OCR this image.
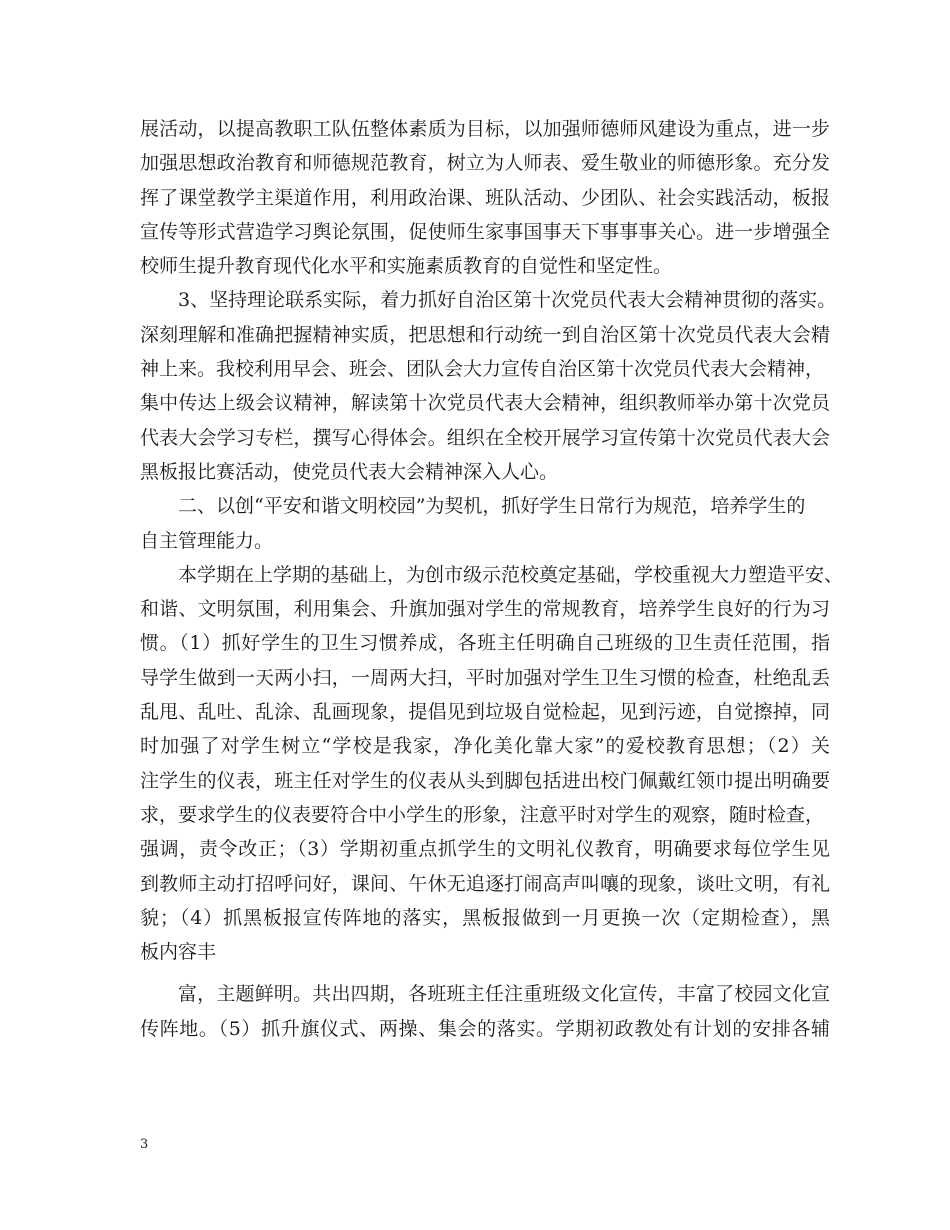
展活动，以提高教职工队伍整体素质为目标，以加强师德师风建设为重点，进一步
加强思想政治教育和师德规范教育，树立为人师表、爱生敬业的师德形象。充分发
挥了课堂教学主渠道作用，利用政治课、班队活动、少团队、社会实践活动，板报
宣传等形式营造学习舆论氛围，促使师生家事国事天下事事事关心。进一步增强全
校师生提升教育现代化水平和实施素质教育的自觉性和坚定性。
3、坚持理论联系实际，着力抓好自治区第十次党员代表大会精神贯彻的落实。
深刻理解和准确把握精神实质，把思想和行动统一到自治区第十次党员代表大会精
神上来。我校利用早会、班会、团队会大力宣传自治区第十次党员代表大会精神，
集中传达上级会议精神，解读第十次党员代表大会精神，组织教师举办第十次党员
代表大会学习专栏，撰写心得体会。组织在全校开展学习宣传第十次党员代表大会
黑板报比赛活动，使党员代表大会精神深入人心。
二、以创“平安和谐文明校园”为契机，抓好学生日常行为规范，培养学生的
自主管理能力。
本学期在上学期的基础上，为创市级示范校奠定基础，学校重视大力塑造平安、
和谐、文明氛围，利用集会、升旗加强对学生的常规教育，培养学生良好的行为习
惯。（1）抓好学生的卫生习惯养成，各班主任明确自己班级的卫生责任范围，指
导学生做到一天两小扫，一周两大扫，平时加强对学生卫生习惯的检查，杜绝乱丢
乱甩、乱吐、乱涂、乱画现象，提倡见到垃圾自觉检起，见到污迹，自觉擦掉，同
时加强了对学生树立“学校是我家，净化美化靠大家”的爱校教育思想；（2）关
注学生的仪表，班主任对学生的仪表从头到脚包括进出校门佩戴红领巾提出明确要
求，要求学生的仪表要符合中小学生的形象，注意平时对学生的观察，随时检查，
强调，责令改正；（3）学期初重点抓学生的文明礼仪教育，明确要求每位学生见
到教师主动打招呼问好，课间、午休无追逐打闹高声叫嚷的现象，谈吐文明，有礼
貌；（4）抓黑板报宣传阵地的落实，黑板报做到一月更换一次（定期检查），黑
板内容丰
富，主题鲜明。共出四期，各班班主任注重班级文化宣传，丰富了校园文化宣
传阵地。（5）抓升旗仪式、两操、集会的落实。学期初政教处有计划的安排各辅
3
